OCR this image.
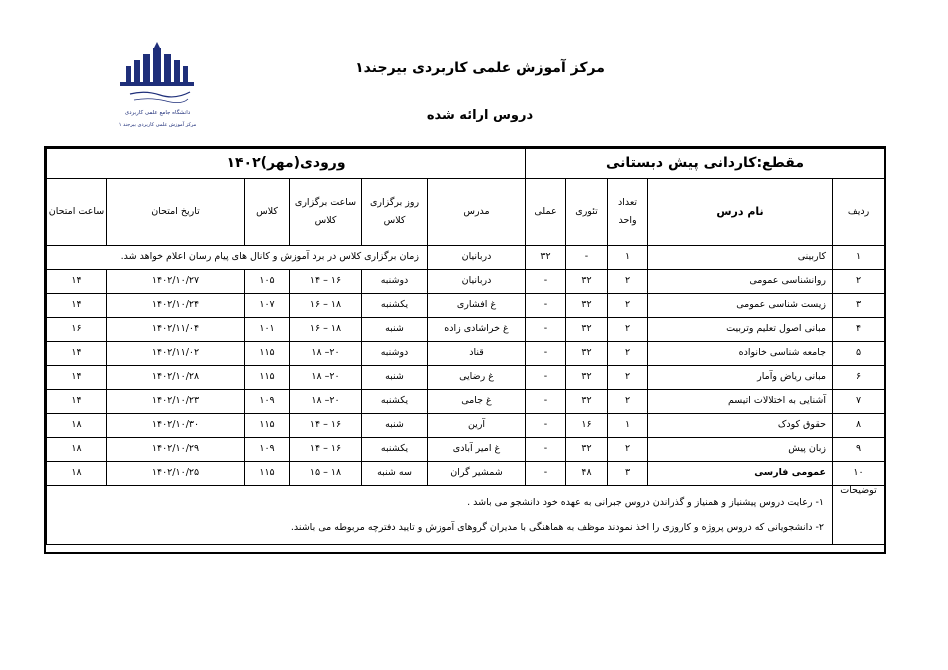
دانشگاه جامع علمی کاربردی
مرکز آموزش علمی کاربردی بیرجند ۱
مرکز آموزش علمی کاربردی بیرجند۱
دروس ارائه شده
مقطع:کاردانی پیش دبستانی					ورودی(مهر)۱۴۰۲					
ردیف	نام درس	تعداد واحد	تئوری	عملی	مدرس	روز برگزاری کلاس	ساعت برگزاری کلاس	کلاس	تاریخ امتحان	ساعت امتحان
۱	کاربینی	۱	-	۳۲	دربانیان	زمان برگزاری کلاس در برد آموزش و کانال های پیام رسان اعلام خواهد شد.				
۲	روانشناسی عمومی	۲	۳۲	-	دربانیان	دوشنبه	۱۶ – ۱۴	۱۰۵	۱۴۰۲/۱۰/۲۷	۱۴
۳	زیست شناسی عمومی	۲	۳۲	-	غ افشاری	یکشنبه	۱۸ – ۱۶	۱۰۷	۱۴۰۲/۱۰/۲۴	۱۴
۴	مبانی اصول تعلیم وتربیت	۲	۳۲	-	غ خراشادی زاده	شنبه	۱۸ – ۱۶	۱۰۱	۱۴۰۲/۱۱/۰۴	۱۶
۵	جامعه شناسی خانواده	۲	۳۲	-	قناد	دوشنبه	۲۰– ۱۸	۱۱۵	۱۴۰۲/۱۱/۰۲	۱۴
۶	مبانی ریاض وآمار	۲	۳۲	-	غ رضایی	شنبه	۲۰– ۱۸	۱۱۵	۱۴۰۲/۱۰/۲۸	۱۴
۷	آشنایی به اختلالات اتیسم	۲	۳۲	-	غ جامی	یکشنبه	۲۰– ۱۸	۱۰۹	۱۴۰۲/۱۰/۲۳	۱۴
۸	حقوق کودک	۱	۱۶	-	آرین	شنبه	۱۶ – ۱۴	۱۱۵	۱۴۰۲/۱۰/۳۰	۱۸
۹	زبان پیش	۲	۳۲	-	غ امیر آبادی	یکشنبه	۱۶ – ۱۴	۱۰۹	۱۴۰۲/۱۰/۲۹	۱۸
۱۰	عمومی فارسی	۳	۴۸	-	شمشیر گران	سه شنبه	۱۸ – ۱۵	۱۱۵	۱۴۰۲/۱۰/۲۵	۱۸
توضیحات	۱- رعایت دروس پیشنیاز و همنیاز و گذراندن دروس جبرانی به عهده خود دانشجو می باشد .
۲- دانشجویانی که دروس پروژه و کاروزی را اخذ نمودند موظف به هماهنگی با مدیران گروهای آموزش و تایید دفترچه مربوطه می باشند.									
